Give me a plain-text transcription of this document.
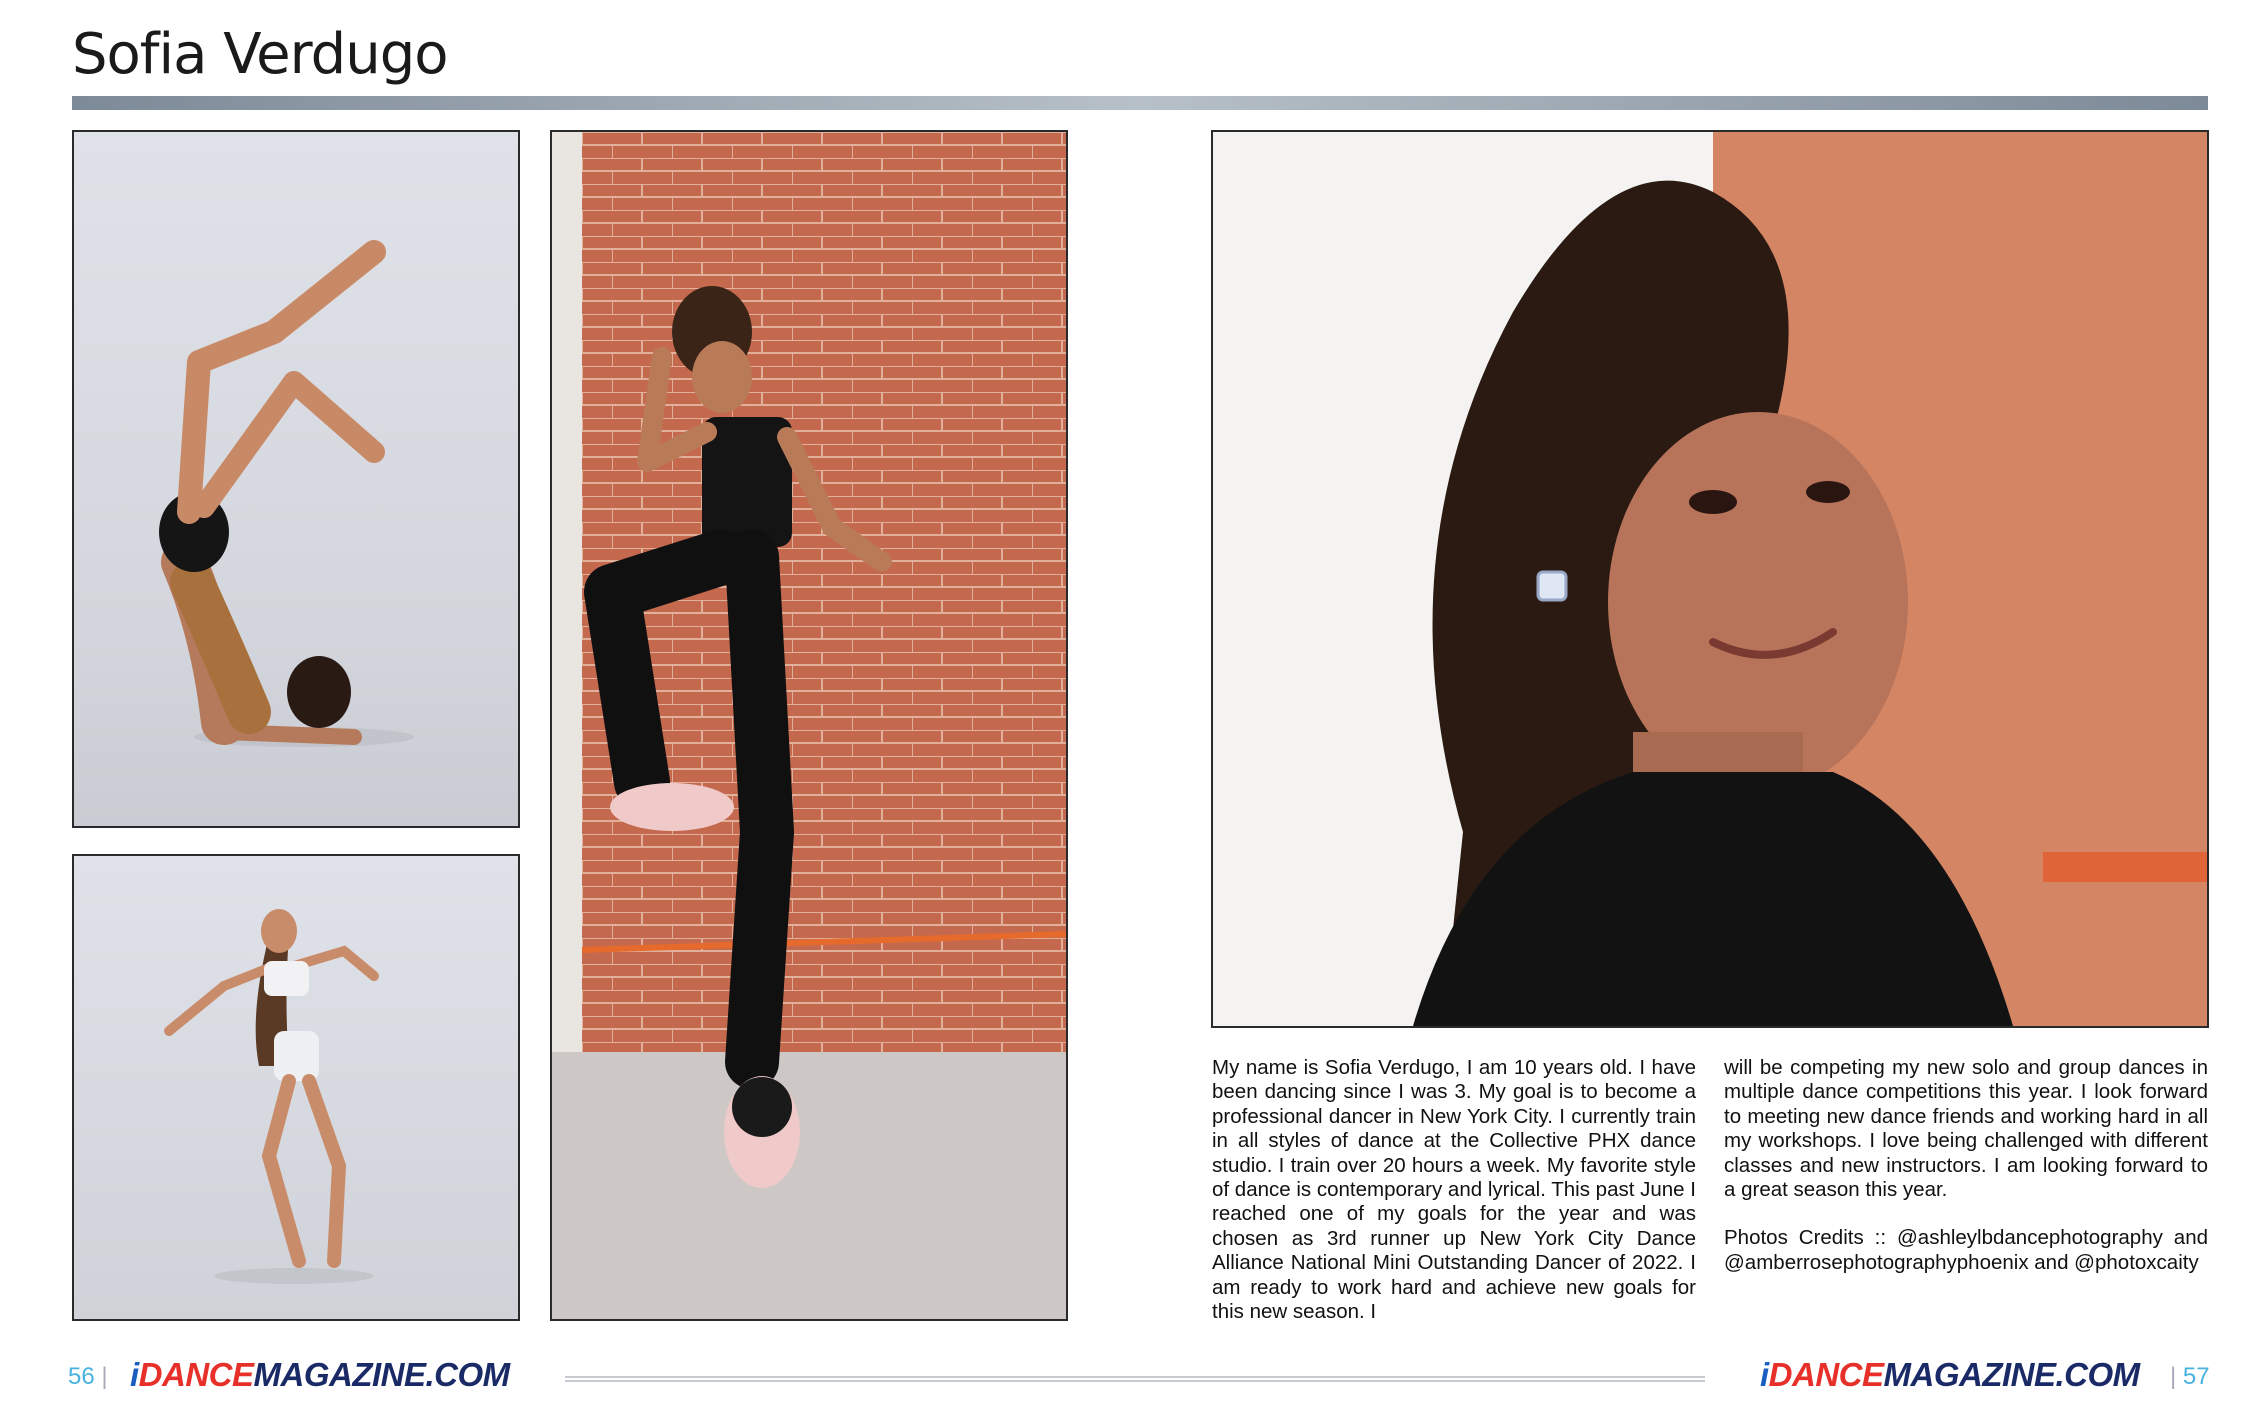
Sofia Verdugo

My name is Sofia Verdugo, I am 10 years old. I have been dancing since I was 3. My goal is to become a professional dancer in New York City. I currently train in all styles of dance at the Collective PHX dance studio. I train over 20 hours a week. My favorite style of dance is contemporary and lyrical. This past June I reached one of my goals for the year and was chosen as 3rd runner up New York City Dance Alliance National Mini Outstanding Dancer of 2022. I am ready to work hard and achieve new goals for this new season. I

will be competing my new solo and group dances in multiple dance competitions this year. I look forward to meeting new dance friends and working hard in all my workshops. I love being challenged with different classes and new instructors. I am looking forward to a great season this year.

Photos Credits :: @ashleylbdancephotography and @amberrosephotographyphoenix and @photoxcaity

56 | iDANCEMAGAZINE.COM	iDANCEMAGAZINE.COM | 57
